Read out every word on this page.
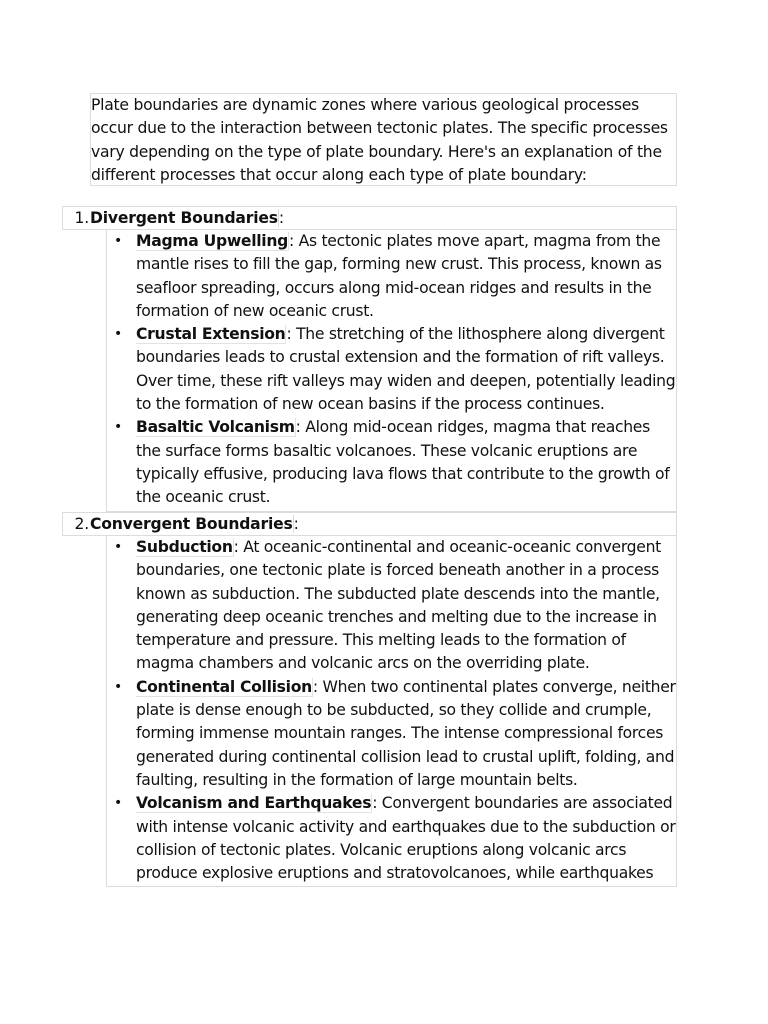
Plate boundaries are dynamic zones where various geological processes occur due to the interaction between tectonic plates. The specific processes vary depending on the type of plate boundary. Here's an explanation of the different processes that occur along each type of plate boundary:
1. Divergent Boundaries:
• Magma Upwelling: As tectonic plates move apart, magma from the mantle rises to fill the gap, forming new crust. This process, known as seafloor spreading, occurs along mid-ocean ridges and results in the formation of new oceanic crust.
• Crustal Extension: The stretching of the lithosphere along divergent boundaries leads to crustal extension and the formation of rift valleys. Over time, these rift valleys may widen and deepen, potentially leading to the formation of new ocean basins if the process continues.
• Basaltic Volcanism: Along mid-ocean ridges, magma that reaches the surface forms basaltic volcanoes. These volcanic eruptions are typically effusive, producing lava flows that contribute to the growth of the oceanic crust.
2. Convergent Boundaries:
• Subduction: At oceanic-continental and oceanic-oceanic convergent boundaries, one tectonic plate is forced beneath another in a process known as subduction. The subducted plate descends into the mantle, generating deep oceanic trenches and melting due to the increase in temperature and pressure. This melting leads to the formation of magma chambers and volcanic arcs on the overriding plate.
• Continental Collision: When two continental plates converge, neither plate is dense enough to be subducted, so they collide and crumple, forming immense mountain ranges. The intense compressional forces generated during continental collision lead to crustal uplift, folding, and faulting, resulting in the formation of large mountain belts.
• Volcanism and Earthquakes: Convergent boundaries are associated with intense volcanic activity and earthquakes due to the subduction or collision of tectonic plates. Volcanic eruptions along volcanic arcs produce explosive eruptions and stratovolcanoes, while earthquakes
